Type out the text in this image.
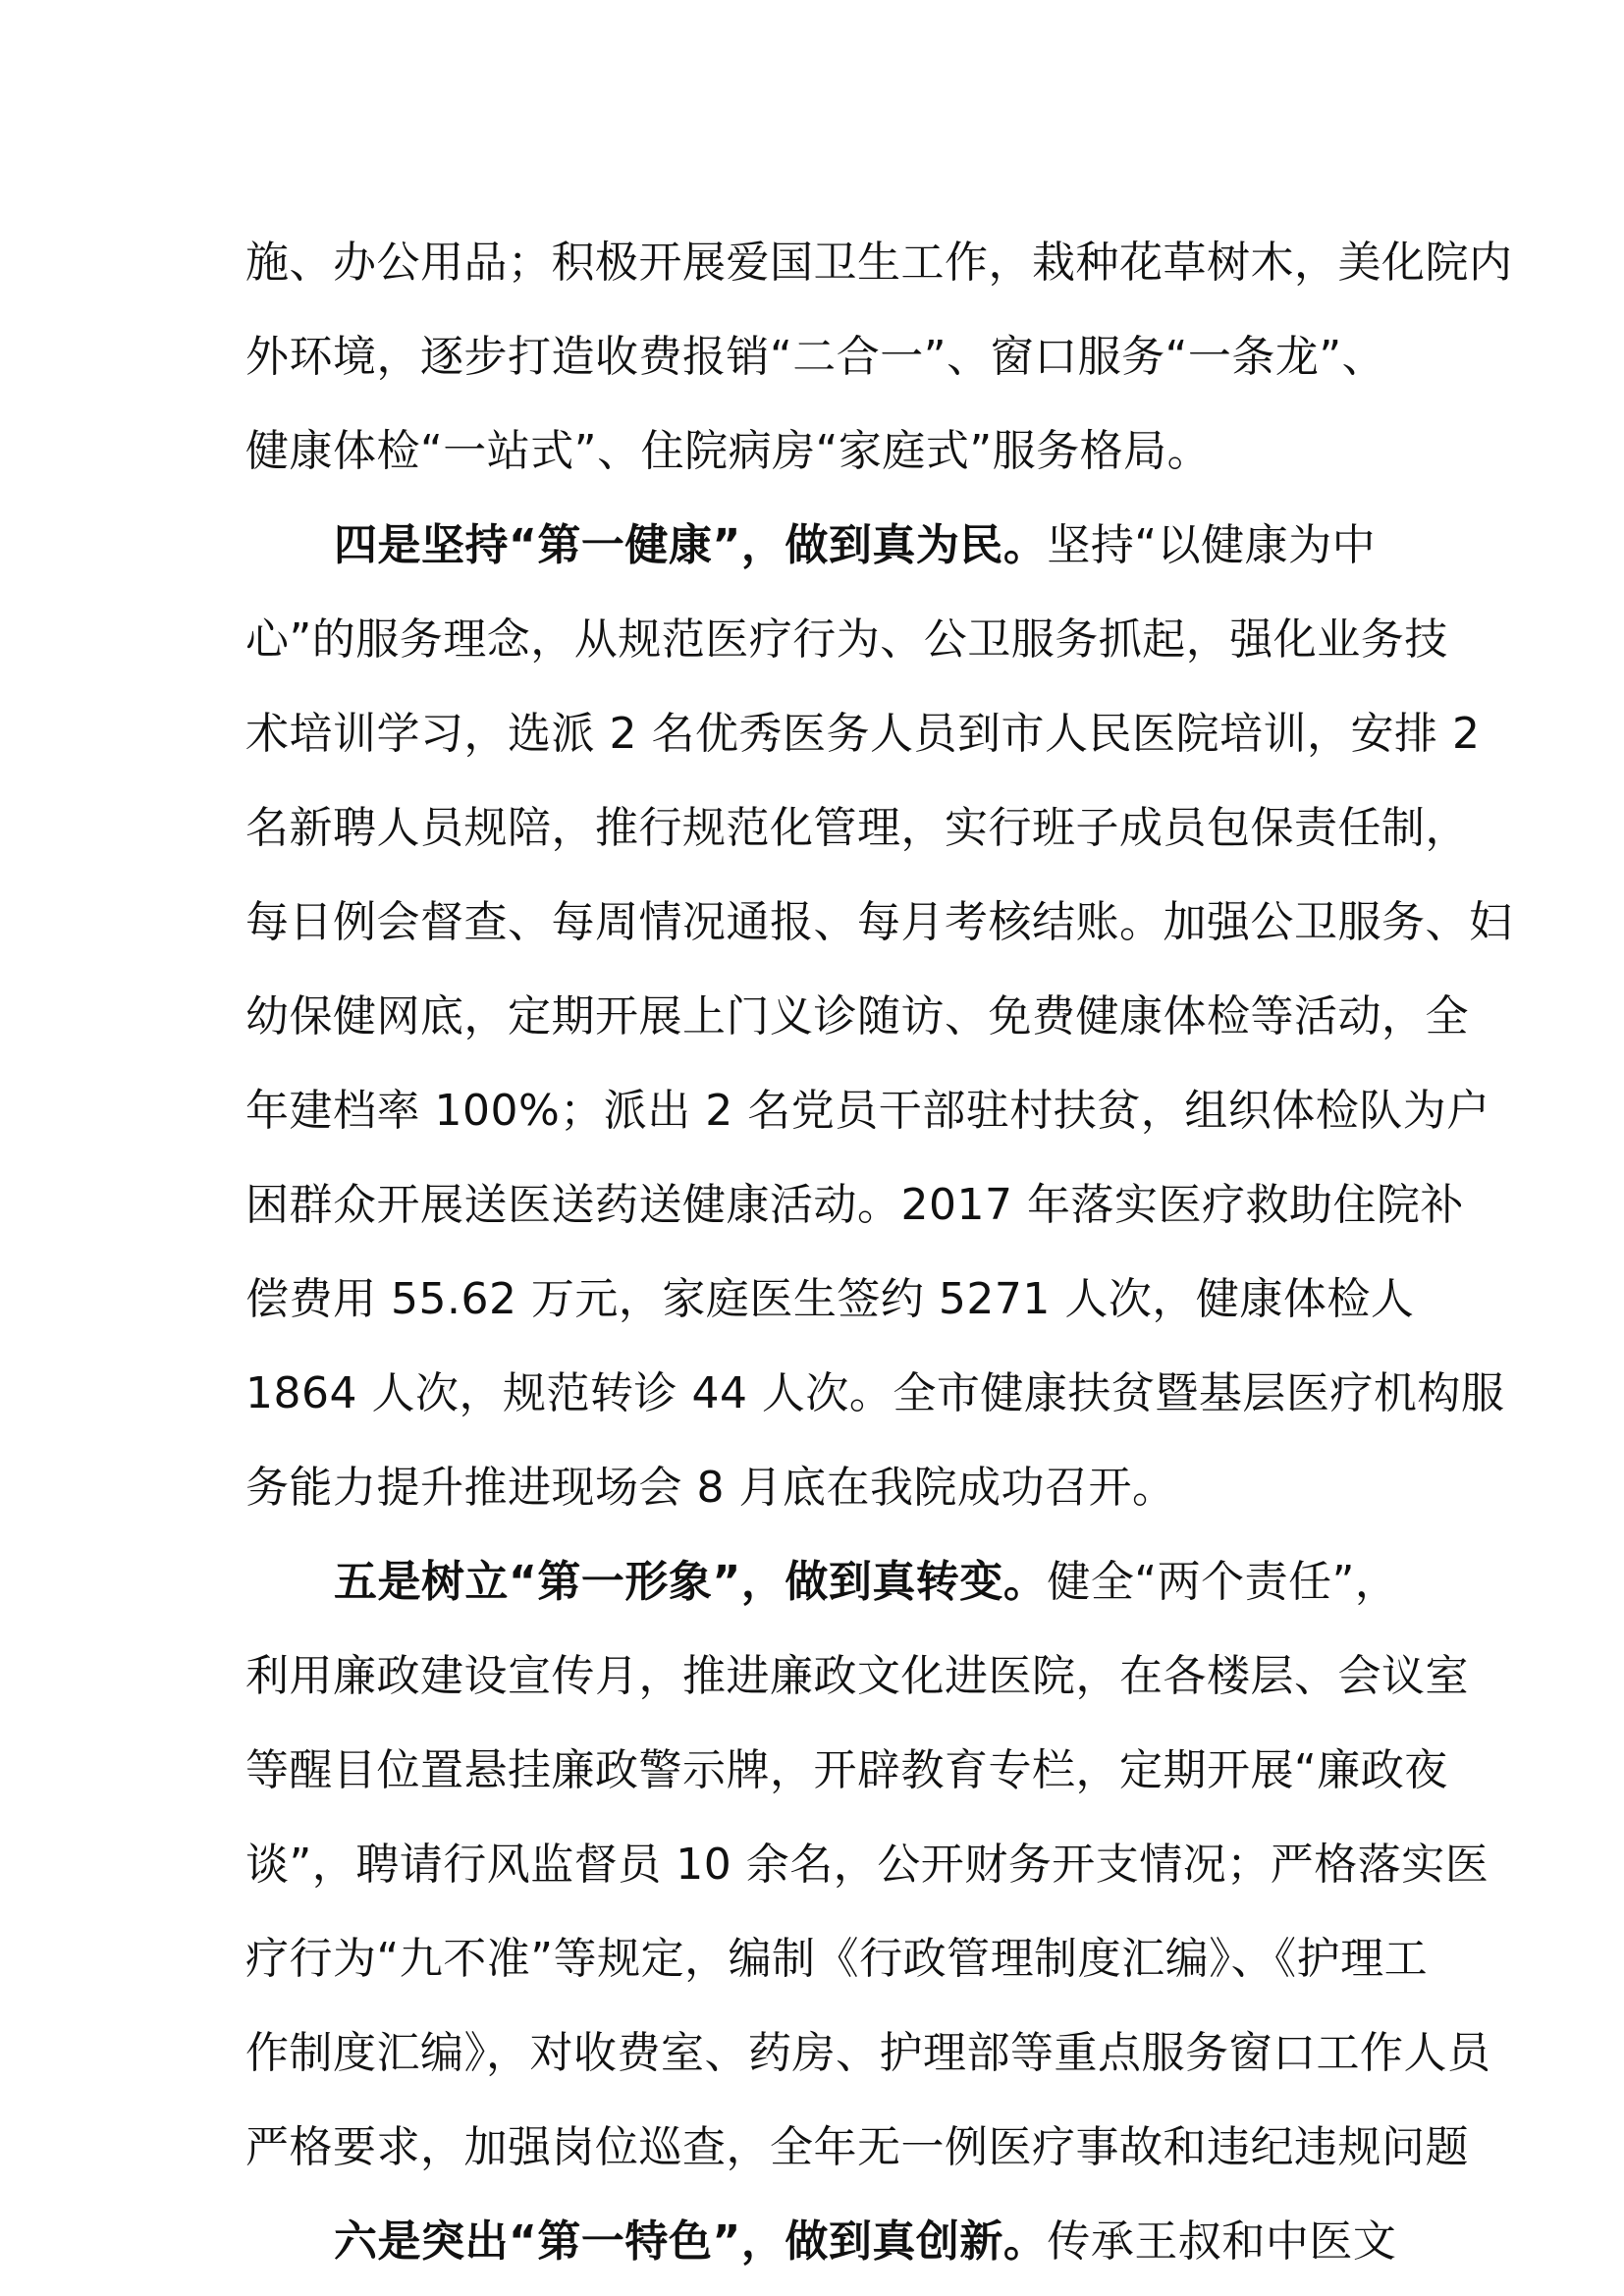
施、办公用品；积极开展爱国卫生工作，栽种花草树木，美化院内
外环境，逐步打造收费报销“二合一”、窗口服务“一条龙”、
健康体检“一站式”、住院病房“家庭式”服务格局。
四是坚持“第一健康”，做到真为民。坚持“以健康为中
心”的服务理念，从规范医疗行为、公卫服务抓起，强化业务技
术培训学习，选派 2 名优秀医务人员到市人民医院培训，安排 2
名新聘人员规陪，推行规范化管理，实行班子成员包保责任制，
每日例会督查、每周情况通报、每月考核结账。加强公卫服务、妇
幼保健网底，定期开展上门义诊随访、免费健康体检等活动，全
年建档率 100%；派出 2 名党员干部驻村扶贫，组织体检队为户
困群众开展送医送药送健康活动。2017 年落实医疗救助住院补
偿费用 55.62 万元，家庭医生签约 5271 人次，健康体检人
1864 人次，规范转诊 44 人次。全市健康扶贫暨基层医疗机构服
务能力提升推进现场会 8 月底在我院成功召开。
五是树立“第一形象”，做到真转变。健全“两个责任”，
利用廉政建设宣传月，推进廉政文化进医院，在各楼层、会议室
等醒目位置悬挂廉政警示牌，开辟教育专栏，定期开展“廉政夜
谈”，聘请行风监督员 10 余名，公开财务开支情况；严格落实医
疗行为“九不准”等规定，编制《行政管理制度汇编》、《护理工
作制度汇编》，对收费室、药房、护理部等重点服务窗口工作人员
严格要求，加强岗位巡查，全年无一例医疗事故和违纪违规问题
六是突出“第一特色”，做到真创新。传承王叔和中医文
